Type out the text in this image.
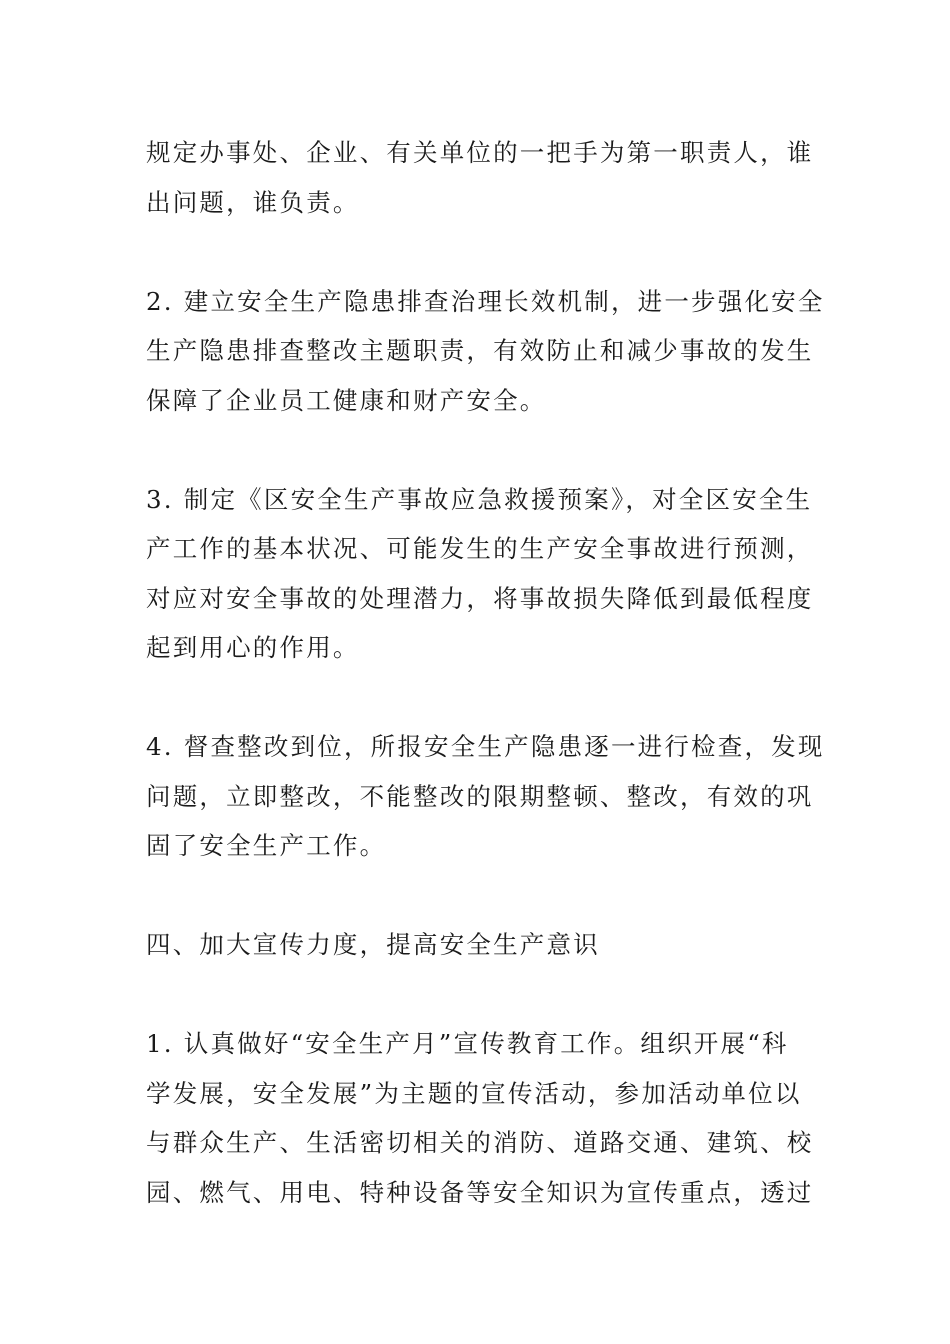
规定办事处、企业、有关单位的一把手为第一职责人，谁
出问题，谁负责。

2. 建立安全生产隐患排查治理长效机制，进一步强化安全
生产隐患排查整改主题职责，有效防止和减少事故的发生
保障了企业员工健康和财产安全。

3. 制定《区安全生产事故应急救援预案》，对全区安全生
产工作的基本状况、可能发生的生产安全事故进行预测，
对应对安全事故的处理潜力，将事故损失降低到最低程度
起到用心的作用。

4. 督查整改到位，所报安全生产隐患逐一进行检查，发现
问题，立即整改，不能整改的限期整顿、整改，有效的巩
固了安全生产工作。

四、加大宣传力度，提高安全生产意识

1. 认真做好“安全生产月”宣传教育工作。组织开展“科
学发展，安全发展”为主题的宣传活动，参加活动单位以
与群众生产、生活密切相关的消防、道路交通、建筑、校
园、燃气、用电、特种设备等安全知识为宣传重点，透过
